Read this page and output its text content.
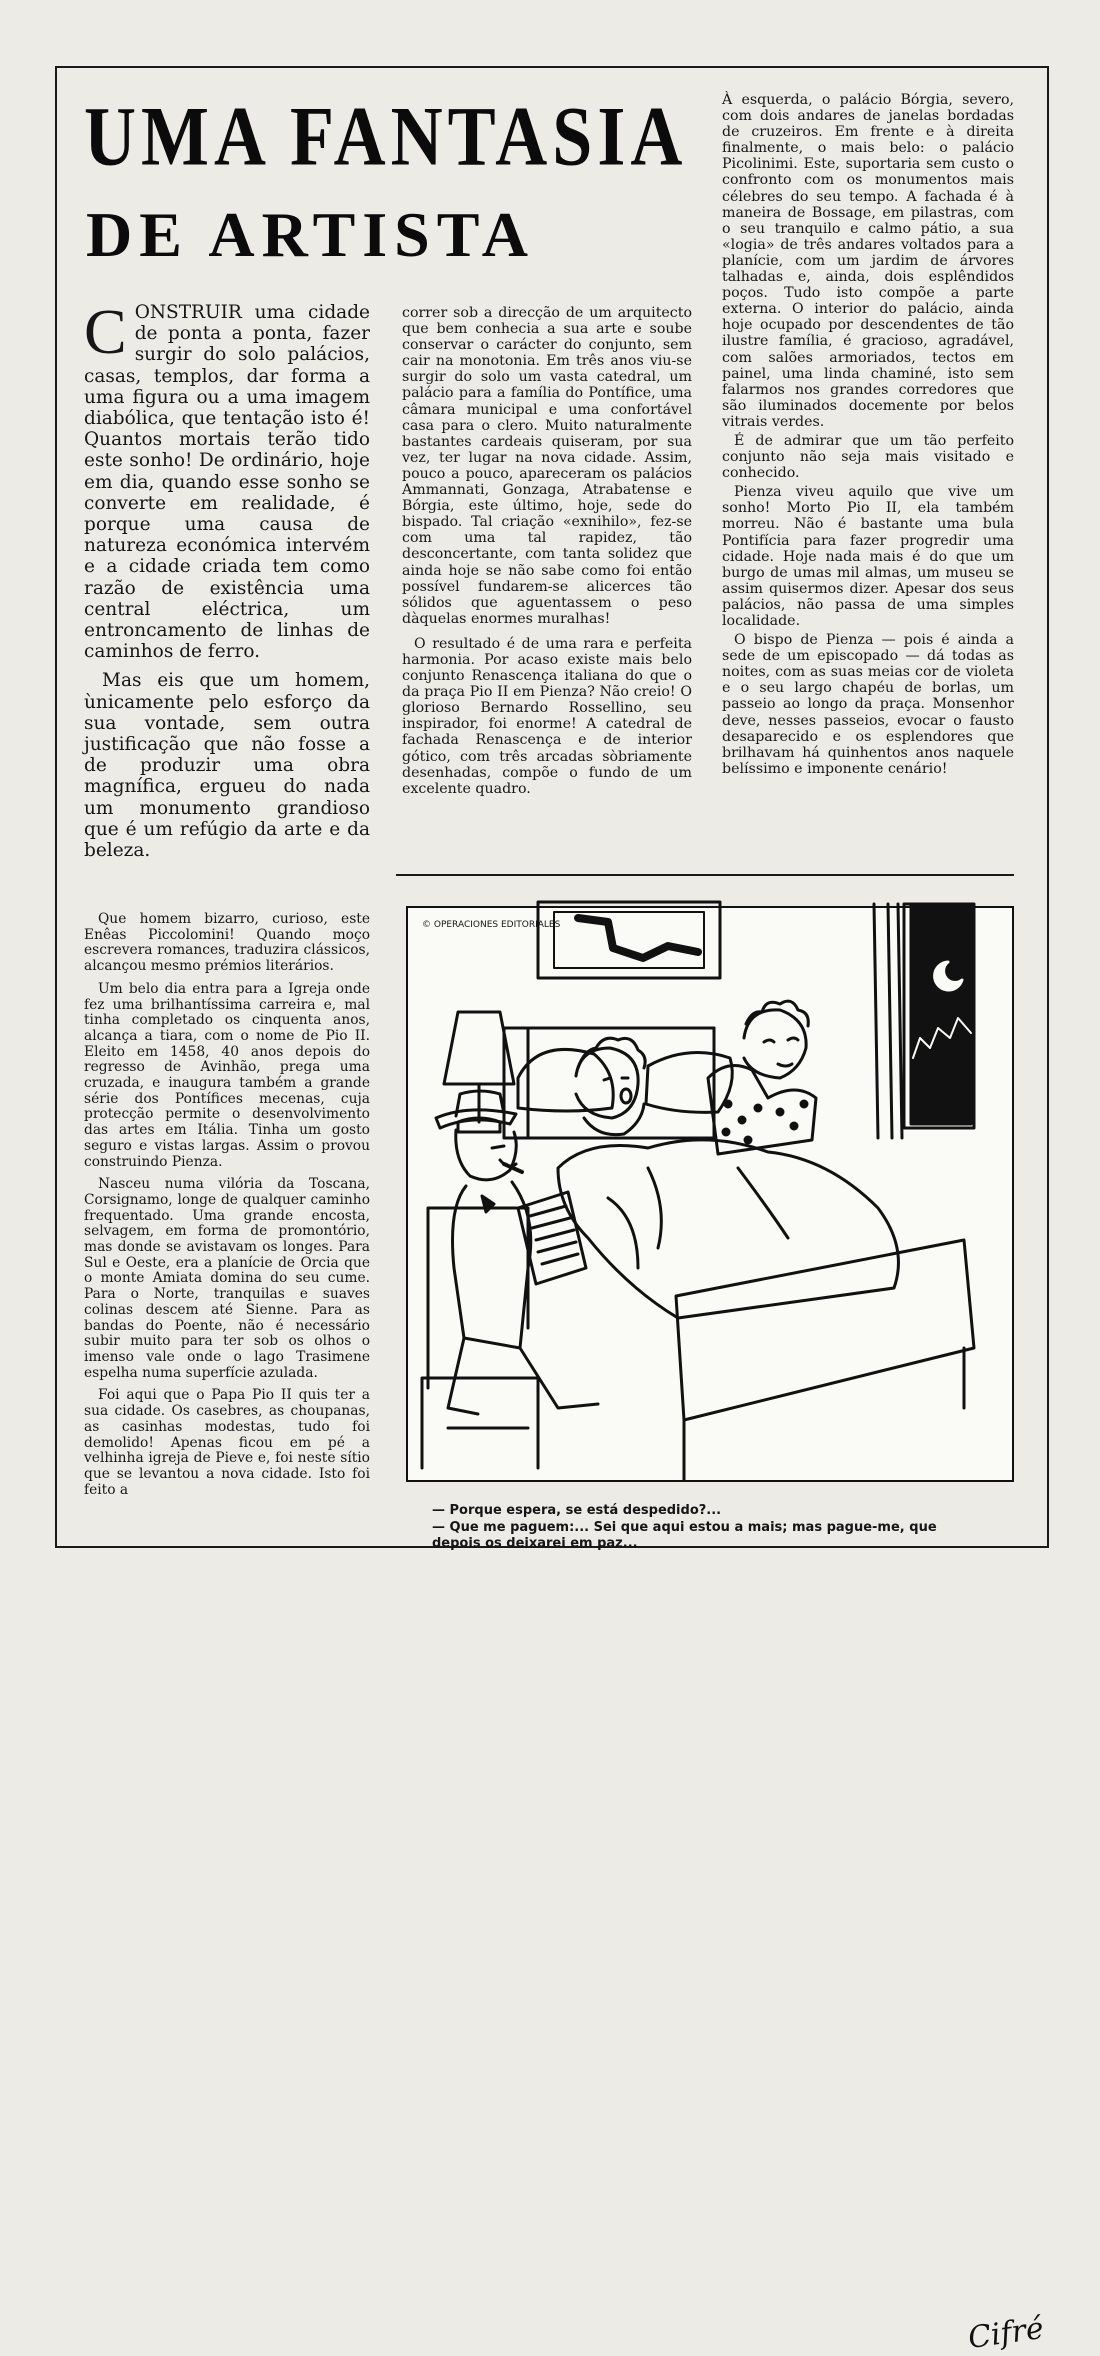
UMA FANTASIA
DE ARTISTA

CONSTRUIR uma cidade de ponta a ponta, fazer surgir do solo palácios, casas, templos, dar forma a uma figura ou a uma imagem diabólica, que tentação isto é! Quantos mortais terão tido este sonho! De ordinário, hoje em dia, quando esse sonho se converte em realidade, é porque uma causa de natureza económica intervém e a cidade criada tem como razão de existência uma central eléctrica, um entroncamento de linhas de caminhos de ferro.

Mas eis que um homem, ùnicamente pelo esforço da sua vontade, sem outra justificação que não fosse a de produzir uma obra magnífica, ergueu do nada um monumento grandioso que é um refúgio da arte e da beleza.

Que homem bizarro, curioso, este Enêas Piccolomini! Quando moço escrevera romances, traduzira clássicos, alcançou mesmo prémios literários.

Um belo dia entra para a Igreja onde fez uma brilhantíssima carreira e, mal tinha completado os cinquenta anos, alcança a tiara, com o nome de Pio II. Eleito em 1458, 40 anos depois do regresso de Avinhão, prega uma cruzada, e inaugura também a grande série dos Pontífices mecenas, cuja protecção permite o desenvolvimento das artes em Itália. Tinha um gosto seguro e vistas largas. Assim o provou construindo Pienza.

Nasceu numa vilória da Toscana, Corsignamo, longe de qualquer caminho frequentado. Uma grande encosta, selvagem, em forma de promontório, mas donde se avistavam os longes. Para Sul e Oeste, era a planície de Orcia que o monte Amiata domina do seu cume. Para o Norte, tranquilas e suaves colinas descem até Sienne. Para as bandas do Poente, não é necessário subir muito para ter sob os olhos o imenso vale onde o lago Trasimene espelha numa superfície azulada.

Foi aqui que o Papa Pio II quis ter a sua cidade. Os casebres, as choupanas, as casinhas modestas, tudo foi demolido! Apenas ficou em pé a velhinha igreja de Pieve e, foi neste sítio que se levantou a nova cidade. Isto foi feito a

correr sob a direcção de um arquitecto que bem conhecia a sua arte e soube conservar o carácter do conjunto, sem cair na monotonia. Em três anos viu-se surgir do solo um vasta catedral, um palácio para a família do Pontífice, uma câmara municipal e uma confortável casa para o clero. Muito naturalmente bastantes cardeais quiseram, por sua vez, ter lugar na nova cidade. Assim, pouco a pouco, apareceram os palácios Ammannati, Gonzaga, Atrabatense e Bórgia, este último, hoje, sede do bispado. Tal criação «exnihilo», fez-se com uma tal rapidez, tão desconcertante, com tanta solidez que ainda hoje se não sabe como foi então possível fundarem-se alicerces tão sólidos que aguentassem o peso dàquelas enormes muralhas!

O resultado é de uma rara e perfeita harmonia. Por acaso existe mais belo conjunto Renascença italiana do que o da praça Pio II em Pienza? Não creio! O glorioso Bernardo Rossellino, seu inspirador, foi enorme! A catedral de fachada Renascença e de interior gótico, com três arcadas sòbriamente desenhadas, compõe o fundo de um excelente quadro.

À esquerda, o palácio Bórgia, severo, com dois andares de janelas bordadas de cruzeiros. Em frente e à direita finalmente, o mais belo: o palácio Picolinimi. Este, suportaria sem custo o confronto com os monumentos mais célebres do seu tempo. A fachada é à maneira de Bossage, em pilastras, com o seu tranquilo e calmo pátio, a sua «logia» de três andares voltados para a planície, com um jardim de árvores talhadas e, ainda, dois esplêndidos poços. Tudo isto compõe a parte externa. O interior do palácio, ainda hoje ocupado por descendentes de tão ilustre família, é gracioso, agradável, com salões armoriados, tectos em painel, uma linda chaminé, isto sem falarmos nos grandes corredores que são iluminados docemente por belos vitrais verdes.

É de admirar que um tão perfeito conjunto não seja mais visitado e conhecido.

Pienza viveu aquilo que vive um sonho! Morto Pio II, ela também morreu. Não é bastante uma bula Pontifícia para fazer progredir uma cidade. Hoje nada mais é do que um burgo de umas mil almas, um museu se assim quisermos dizer. Apesar dos seus palácios, não passa de uma simples localidade.

O bispo de Pienza — pois é ainda a sede de um episcopado — dá todas as noites, com as suas meias cor de violeta e o seu largo chapéu de borlas, um passeio ao longo da praça. Monsenhor deve, nesses passeios, evocar o fausto desaparecido e os esplendores que brilhavam há quinhentos anos naquele belíssimo e imponente cenário!

© OPERACIONES EDITORIALES
Cifré
— Porque espera, se está despedido?...
— Que me paguem:... Sei que aqui estou a mais; mas pague-me, que
depois os deixarei em paz...
